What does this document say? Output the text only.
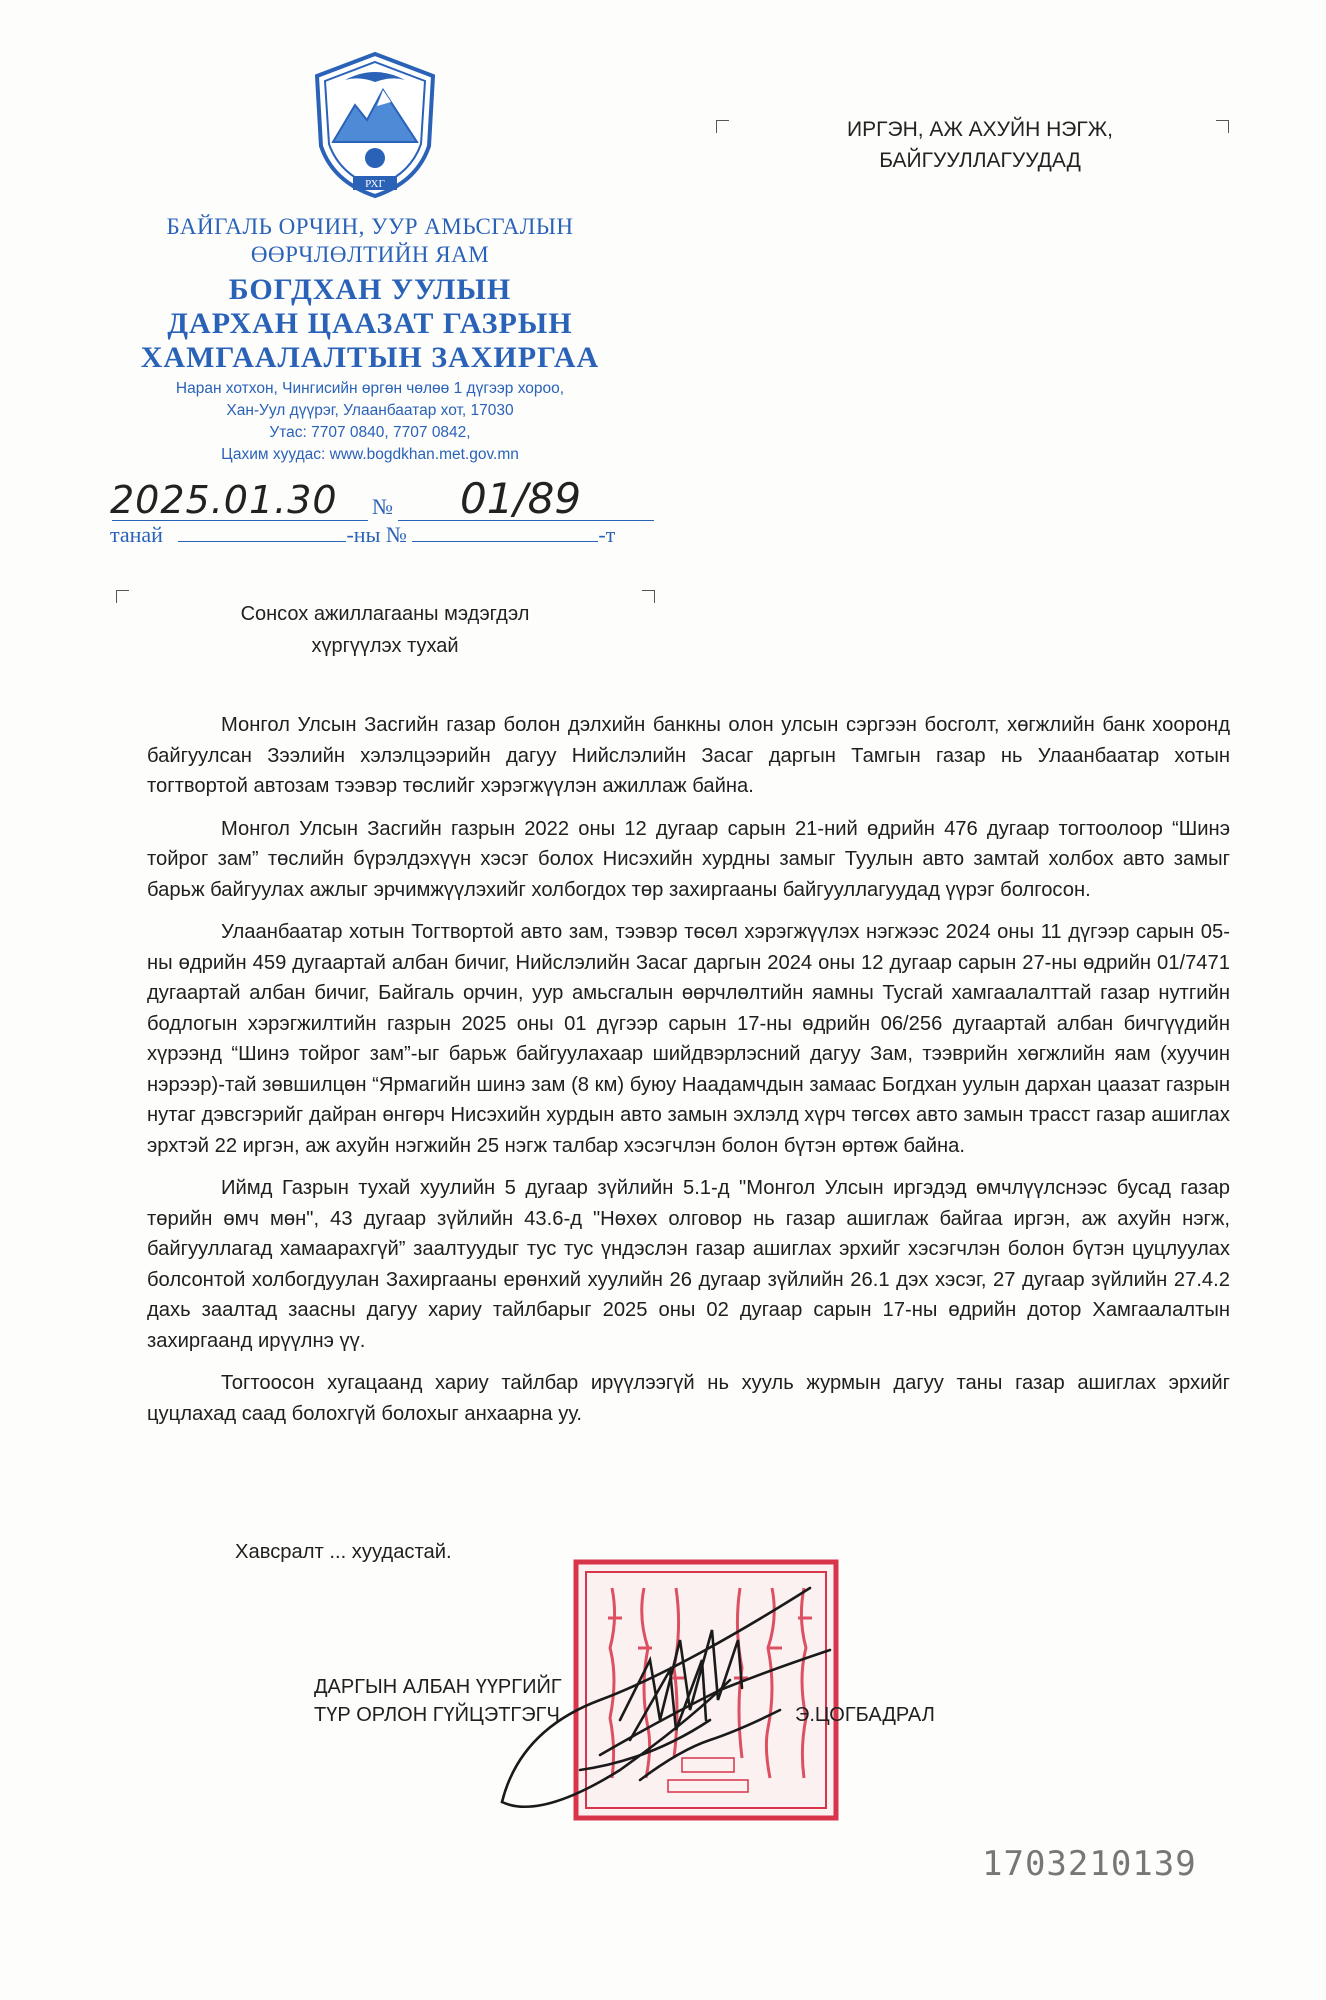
РХГ
БАЙГАЛЬ ОРЧИН, УУР АМЬСГАЛЫН
ӨӨРЧЛӨЛТИЙН ЯАМ
БОГДХАН УУЛЫН
ДАРХАН ЦААЗАТ ГАЗРЫН
ХАМГААЛАЛТЫН ЗАХИРГАА
Наран хотхон, Чингисийн өргөн чөлөө 1 дүгээр хороо,
Хан-Уул дүүрэг, Улаанбаатар хот, 17030
Утас: 7707 0840, 7707 0842,
Цахим хуудас: www.bogdkhan.met.gov.mn
2025.01.30 № 01/89
танай	-ны №	-т
ИРГЭН, АЖ АХУЙН НЭГЖ,
БАЙГУУЛЛАГУУДАД
Сонсох ажиллагааны мэдэгдэл
хүргүүлэх тухай

Монгол Улсын Засгийн газар болон дэлхийн банкны олон улсын сэргээн босголт, хөгжлийн банк хооронд байгуулсан Зээлийн хэлэлцээрийн дагуу Нийслэлийн Засаг даргын Тамгын газар нь Улаанбаатар хотын тогтвортой автозам тээвэр төслийг хэрэгжүүлэн ажиллаж байна.

Монгол Улсын Засгийн газрын 2022 оны 12 дугаар сарын 21-ний өдрийн 476 дугаар тогтоолоор “Шинэ тойрог зам” төслийн бүрэлдэхүүн хэсэг болох Нисэхийн хурдны замыг Туулын авто замтай холбох авто замыг барьж байгуулах ажлыг эрчимжүүлэхийг холбогдох төр захиргааны байгууллагуудад үүрэг болгосон.

Улаанбаатар хотын Тогтвортой авто зам, тээвэр төсөл хэрэгжүүлэх нэгжээс 2024 оны 11 дүгээр сарын 05-ны өдрийн 459 дугаартай албан бичиг, Нийслэлийн Засаг даргын 2024 оны 12 дугаар сарын 27-ны өдрийн 01/7471 дугаартай албан бичиг, Байгаль орчин, уур амьсгалын өөрчлөлтийн яамны Тусгай хамгаалалттай газар нутгийн бодлогын хэрэгжилтийн газрын 2025 оны 01 дүгээр сарын 17-ны өдрийн 06/256 дугаартай албан бичгүүдийн хүрээнд “Шинэ тойрог зам”-ыг барьж байгуулахаар шийдвэрлэсний дагуу Зам, тээврийн хөгжлийн яам (хуучин нэрээр)-тай зөвшилцөн “Ярмагийн шинэ зам (8 км) буюу Наадамчдын замаас Богдхан уулын дархан цаазат газрын нутаг дэвсгэрийг дайран өнгөрч Нисэхийн хурдын авто замын эхлэлд хүрч төгсөх авто замын трасст газар ашиглах эрхтэй 22 иргэн, аж ахуйн нэгжийн 25 нэгж талбар хэсэгчлэн болон бүтэн өртөж байна.

Иймд Газрын тухай хуулийн 5 дугаар зүйлийн 5.1-д "Монгол Улсын иргэдэд өмчлүүлснээс бусад газар төрийн өмч мөн", 43 дугаар зүйлийн 43.6-д "Нөхөх олговор нь газар ашиглаж байгаа иргэн, аж ахуйн нэгж, байгууллагад хамаарахгүй” заалтуудыг тус тус үндэслэн газар ашиглах эрхийг хэсэгчлэн болон бүтэн цуцлуулах болсонтой холбогдуулан Захиргааны ерөнхий хуулийн 26 дугаар зүйлийн 26.1 дэх хэсэг, 27 дугаар зүйлийн 27.4.2 дахь заалтад заасны дагуу хариу тайлбарыг 2025 оны 02 дугаар сарын 17-ны өдрийн дотор Хамгаалалтын захиргаанд ирүүлнэ үү.

Тогтоосон хугацаанд хариу тайлбар ирүүлээгүй нь хууль журмын дагуу таны газар ашиглах эрхийг цуцлахад саад болохгүй болохыг анхаарна уу.

Хавсралт ... хуудастай.
ДАРГЫН АЛБАН ҮҮРГИЙГ
ТҮР ОРЛОН ГҮЙЦЭТГЭГЧ	Э.ЦОГБАДРАЛ
1703210139
